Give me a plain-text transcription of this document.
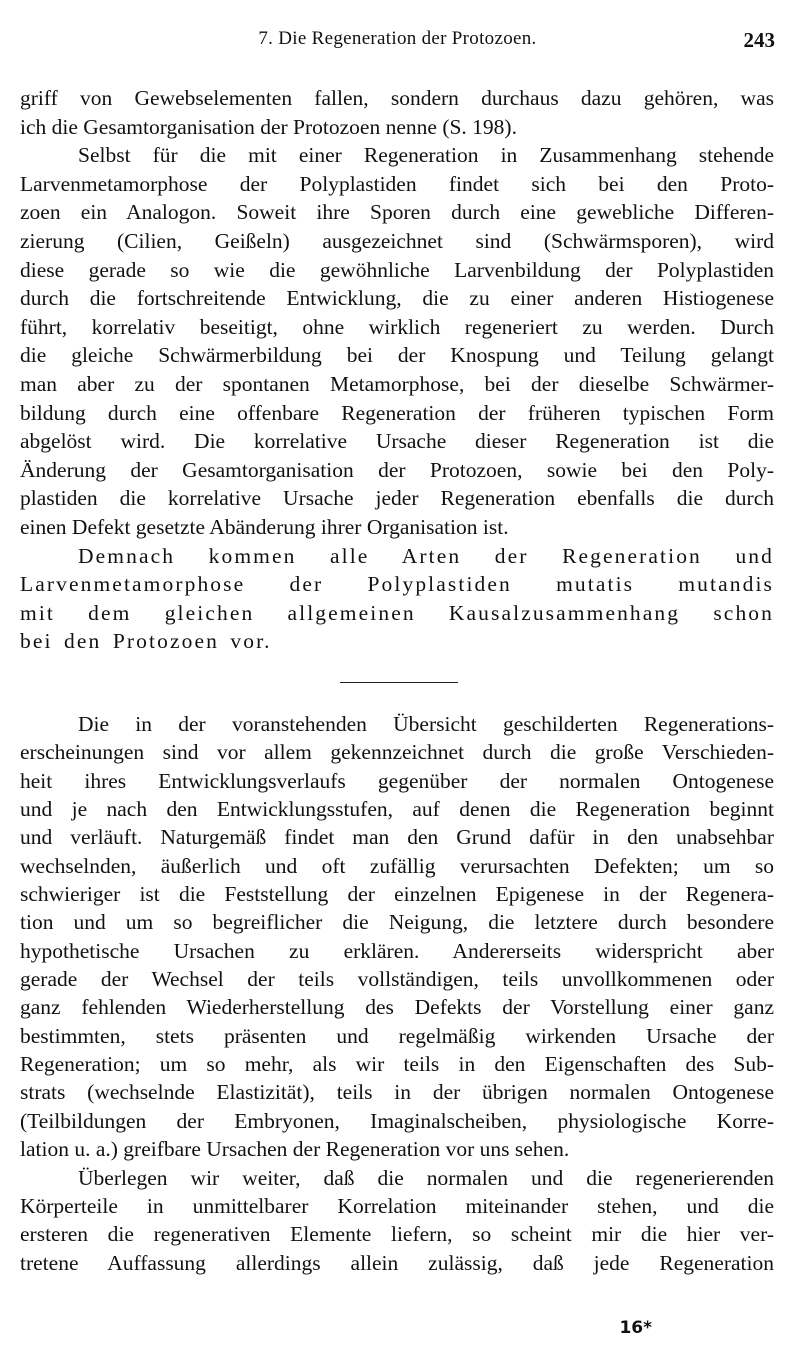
7. Die Regeneration der Protozoen.	243
griff von Gewebselementen fallen, sondern durchaus dazu gehören, was
ich die Gesamtorganisation der Protozoen nenne (S. 198).
Selbst für die mit einer Regeneration in Zusammenhang stehende
Larvenmetamorphose der Polyplastiden findet sich bei den Proto-
zoen ein Analogon. Soweit ihre Sporen durch eine gewebliche Differen-
zierung (Cilien, Geißeln) ausgezeichnet sind (Schwärmsporen), wird
diese gerade so wie die gewöhnliche Larvenbildung der Polyplastiden
durch die fortschreitende Entwicklung, die zu einer anderen Histiogenese
führt, korrelativ beseitigt, ohne wirklich regeneriert zu werden. Durch
die gleiche Schwärmerbildung bei der Knospung und Teilung gelangt
man aber zu der spontanen Metamorphose, bei der dieselbe Schwärmer-
bildung durch eine offenbare Regeneration der früheren typischen Form
abgelöst wird. Die korrelative Ursache dieser Regeneration ist die
Änderung der Gesamtorganisation der Protozoen, sowie bei den Poly-
plastiden die korrelative Ursache jeder Regeneration ebenfalls die durch
einen Defekt gesetzte Abänderung ihrer Organisation ist.
Demnach kommen alle Arten der Regeneration und
Larvenmetamorphose der Polyplastiden mutatis mutandis
mit dem gleichen allgemeinen Kausalzusammenhang schon
bei den Protozoen vor.
Die in der voranstehenden Übersicht geschilderten Regenerations-
erscheinungen sind vor allem gekennzeichnet durch die große Verschieden-
heit ihres Entwicklungsverlaufs gegenüber der normalen Ontogenese
und je nach den Entwicklungsstufen, auf denen die Regeneration beginnt
und verläuft. Naturgemäß findet man den Grund dafür in den unabsehbar
wechselnden, äußerlich und oft zufällig verursachten Defekten; um so
schwieriger ist die Feststellung der einzelnen Epigenese in der Regenera-
tion und um so begreiflicher die Neigung, die letztere durch besondere
hypothetische Ursachen zu erklären. Andererseits widerspricht aber
gerade der Wechsel der teils vollständigen, teils unvollkommenen oder
ganz fehlenden Wiederherstellung des Defekts der Vorstellung einer ganz
bestimmten, stets präsenten und regelmäßig wirkenden Ursache der
Regeneration; um so mehr, als wir teils in den Eigenschaften des Sub-
strats (wechselnde Elastizität), teils in der übrigen normalen Ontogenese
(Teilbildungen der Embryonen, Imaginalscheiben, physiologische Korre-
lation u. a.) greifbare Ursachen der Regeneration vor uns sehen.
Überlegen wir weiter, daß die normalen und die regenerierenden
Körperteile in unmittelbarer Korrelation miteinander stehen, und die
ersteren die regenerativen Elemente liefern, so scheint mir die hier ver-
tretene Auffassung allerdings allein zulässig, daß jede Regeneration
16*
